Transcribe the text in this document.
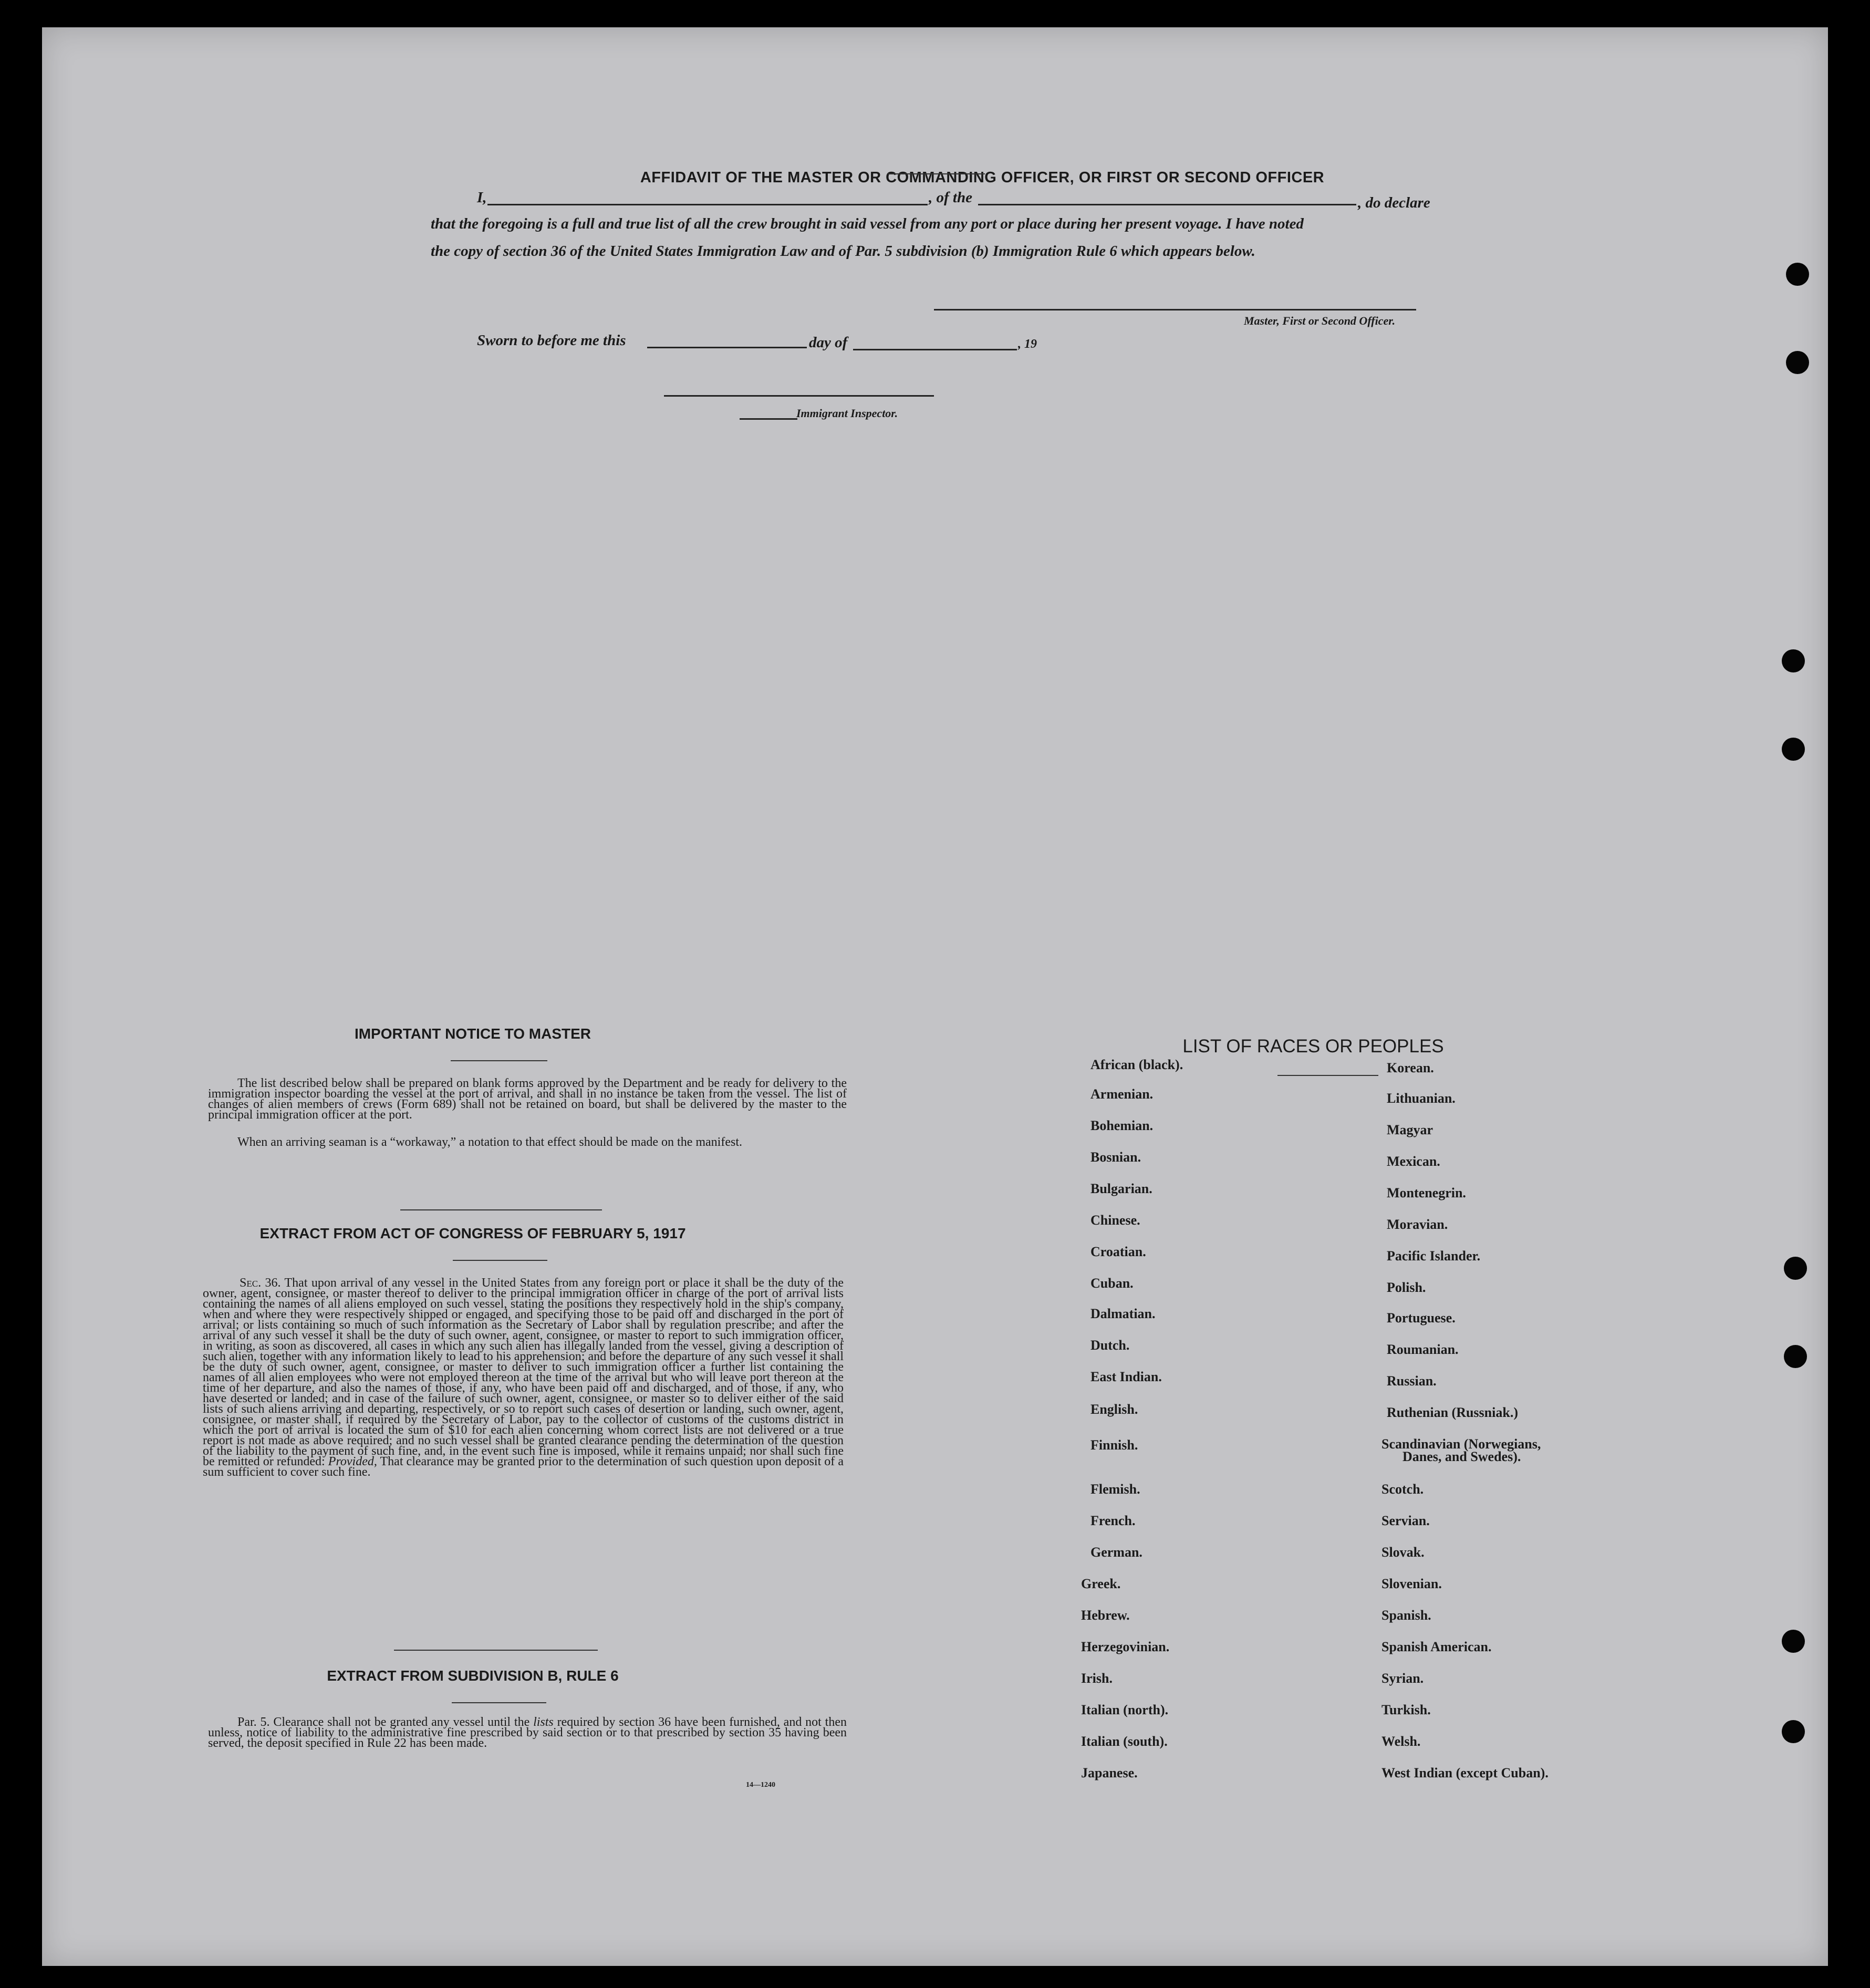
AFFIDAVIT OF THE MASTER OR COMMANDING OFFICER, OR FIRST OR SECOND OFFICER
I,	, of the	, do declare
that the foregoing is a full and true list of all the crew brought in said vessel from any port or place during her present voyage. I have noted
the copy of section 36 of the United States Immigration Law and of Par. 5 subdivision (b) Immigration Rule 6 which appears below.
Master, First or Second Officer.
Sworn to before me this	day of	, 19
Immigrant Inspector.
IMPORTANT NOTICE TO MASTER
The list described below shall be prepared on blank forms approved by the Department and be ready for delivery to the immigration inspector boarding the vessel at the port of arrival, and shall in no instance be taken from the vessel. The list of changes of alien members of crews (Form 689) shall not be retained on board, but shall be delivered by the master to the principal immigration officer at the port.
When an arriving seaman is a “workaway,” a notation to that effect should be made on the manifest.
EXTRACT FROM ACT OF CONGRESS OF FEBRUARY 5, 1917
Sec. 36. That upon arrival of any vessel in the United States from any foreign port or place it shall be the duty of the owner, agent, consignee, or master thereof to deliver to the principal immigration officer in charge of the port of arrival lists containing the names of all aliens employed on such vessel, stating the positions they respectively hold in the ship's company, when and where they were respectively shipped or engaged, and specifying those to be paid off and discharged in the port of arrival; or lists containing so much of such information as the Secretary of Labor shall by regulation prescribe; and after the arrival of any such vessel it shall be the duty of such owner, agent, consignee, or master to report to such immigration officer, in writing, as soon as discovered, all cases in which any such alien has illegally landed from the vessel, giving a description of such alien, together with any information likely to lead to his apprehension; and before the departure of any such vessel it shall be the duty of such owner, agent, consignee, or master to deliver to such immigration officer a further list containing the names of all alien employees who were not employed thereon at the time of the arrival but who will leave port thereon at the time of her departure, and also the names of those, if any, who have been paid off and discharged, and of those, if any, who have deserted or landed; and in case of the failure of such owner, agent, consignee, or master so to deliver either of the said lists of such aliens arriving and departing, respectively, or so to report such cases of desertion or landing, such owner, agent, consignee, or master shall, if required by the Secretary of Labor, pay to the collector of customs of the customs district in which the port of arrival is located the sum of $10 for each alien concerning whom correct lists are not delivered or a true report is not made as above required; and no such vessel shall be granted clearance pending the determination of the question of the liability to the payment of such fine, and, in the event such fine is imposed, while it remains unpaid; nor shall such fine be remitted or refunded: Provided, That clearance may be granted prior to the determination of such question upon deposit of a sum sufficient to cover such fine.
EXTRACT FROM SUBDIVISION B, RULE 6
Par. 5. Clearance shall not be granted any vessel until the lists required by section 36 have been furnished, and not then unless, notice of liability to the administrative fine prescribed by said section or to that prescribed by section 35 having been served, the deposit specified in Rule 22 has been made.
14—1240
LIST OF RACES OR PEOPLES
African (black).
Armenian.
Bohemian.
Bosnian.
Bulgarian.
Chinese.
Croatian.
Cuban.
Dalmatian.
Dutch.
East Indian.
English.
Finnish.
Flemish.
French.
German.
Greek.
Hebrew.
Herzegovinian.
Irish.
Italian (north).
Italian (south).
Japanese.
Korean.
Lithuanian.
Magyar
Mexican.
Montenegrin.
Moravian.
Pacific Islander.
Polish.
Portuguese.
Roumanian.
Russian.
Ruthenian (Russniak.)
Scandinavian (Norwegians,
Danes, and Swedes).
Scotch.
Servian.
Slovak.
Slovenian.
Spanish.
Spanish American.
Syrian.
Turkish.
Welsh.
West Indian (except Cuban).
